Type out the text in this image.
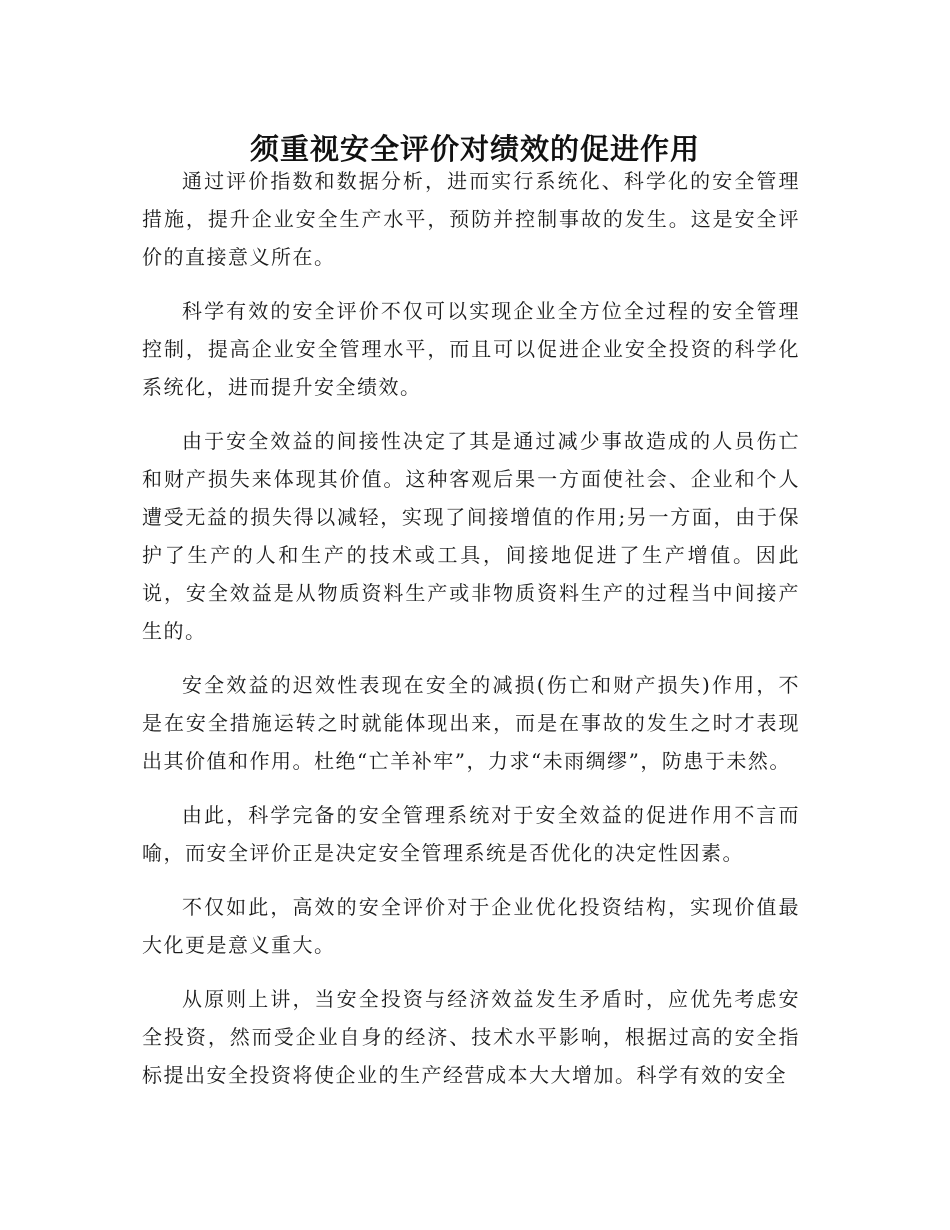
须重视安全评价对绩效的促进作用

通过评价指数和数据分析，进而实行系统化、科学化的安全管理措施，提升企业安全生产水平，预防并控制事故的发生。这是安全评价的直接意义所在。

科学有效的安全评价不仅可以实现企业全方位全过程的安全管理控制，提高企业安全管理水平，而且可以促进企业安全投资的科学化系统化，进而提升安全绩效。

由于安全效益的间接性决定了其是通过减少事故造成的人员伤亡和财产损失来体现其价值。这种客观后果一方面使社会、企业和个人遭受无益的损失得以减轻，实现了间接增值的作用;另一方面，由于保护了生产的人和生产的技术或工具，间接地促进了生产增值。因此说，安全效益是从物质资料生产或非物质资料生产的过程当中间接产生的。

安全效益的迟效性表现在安全的减损(伤亡和财产损失)作用，不是在安全措施运转之时就能体现出来，而是在事故的发生之时才表现出其价值和作用。杜绝“亡羊补牢”，力求“未雨绸缪”，防患于未然。

由此，科学完备的安全管理系统对于安全效益的促进作用不言而喻，而安全评价正是决定安全管理系统是否优化的决定性因素。

不仅如此，高效的安全评价对于企业优化投资结构，实现价值最大化更是意义重大。

从原则上讲，当安全投资与经济效益发生矛盾时，应优先考虑安全投资，然而受企业自身的经济、技术水平影响，根据过高的安全指标提出安全投资将使企业的生产经营成本大大增加。科学有效的安全
